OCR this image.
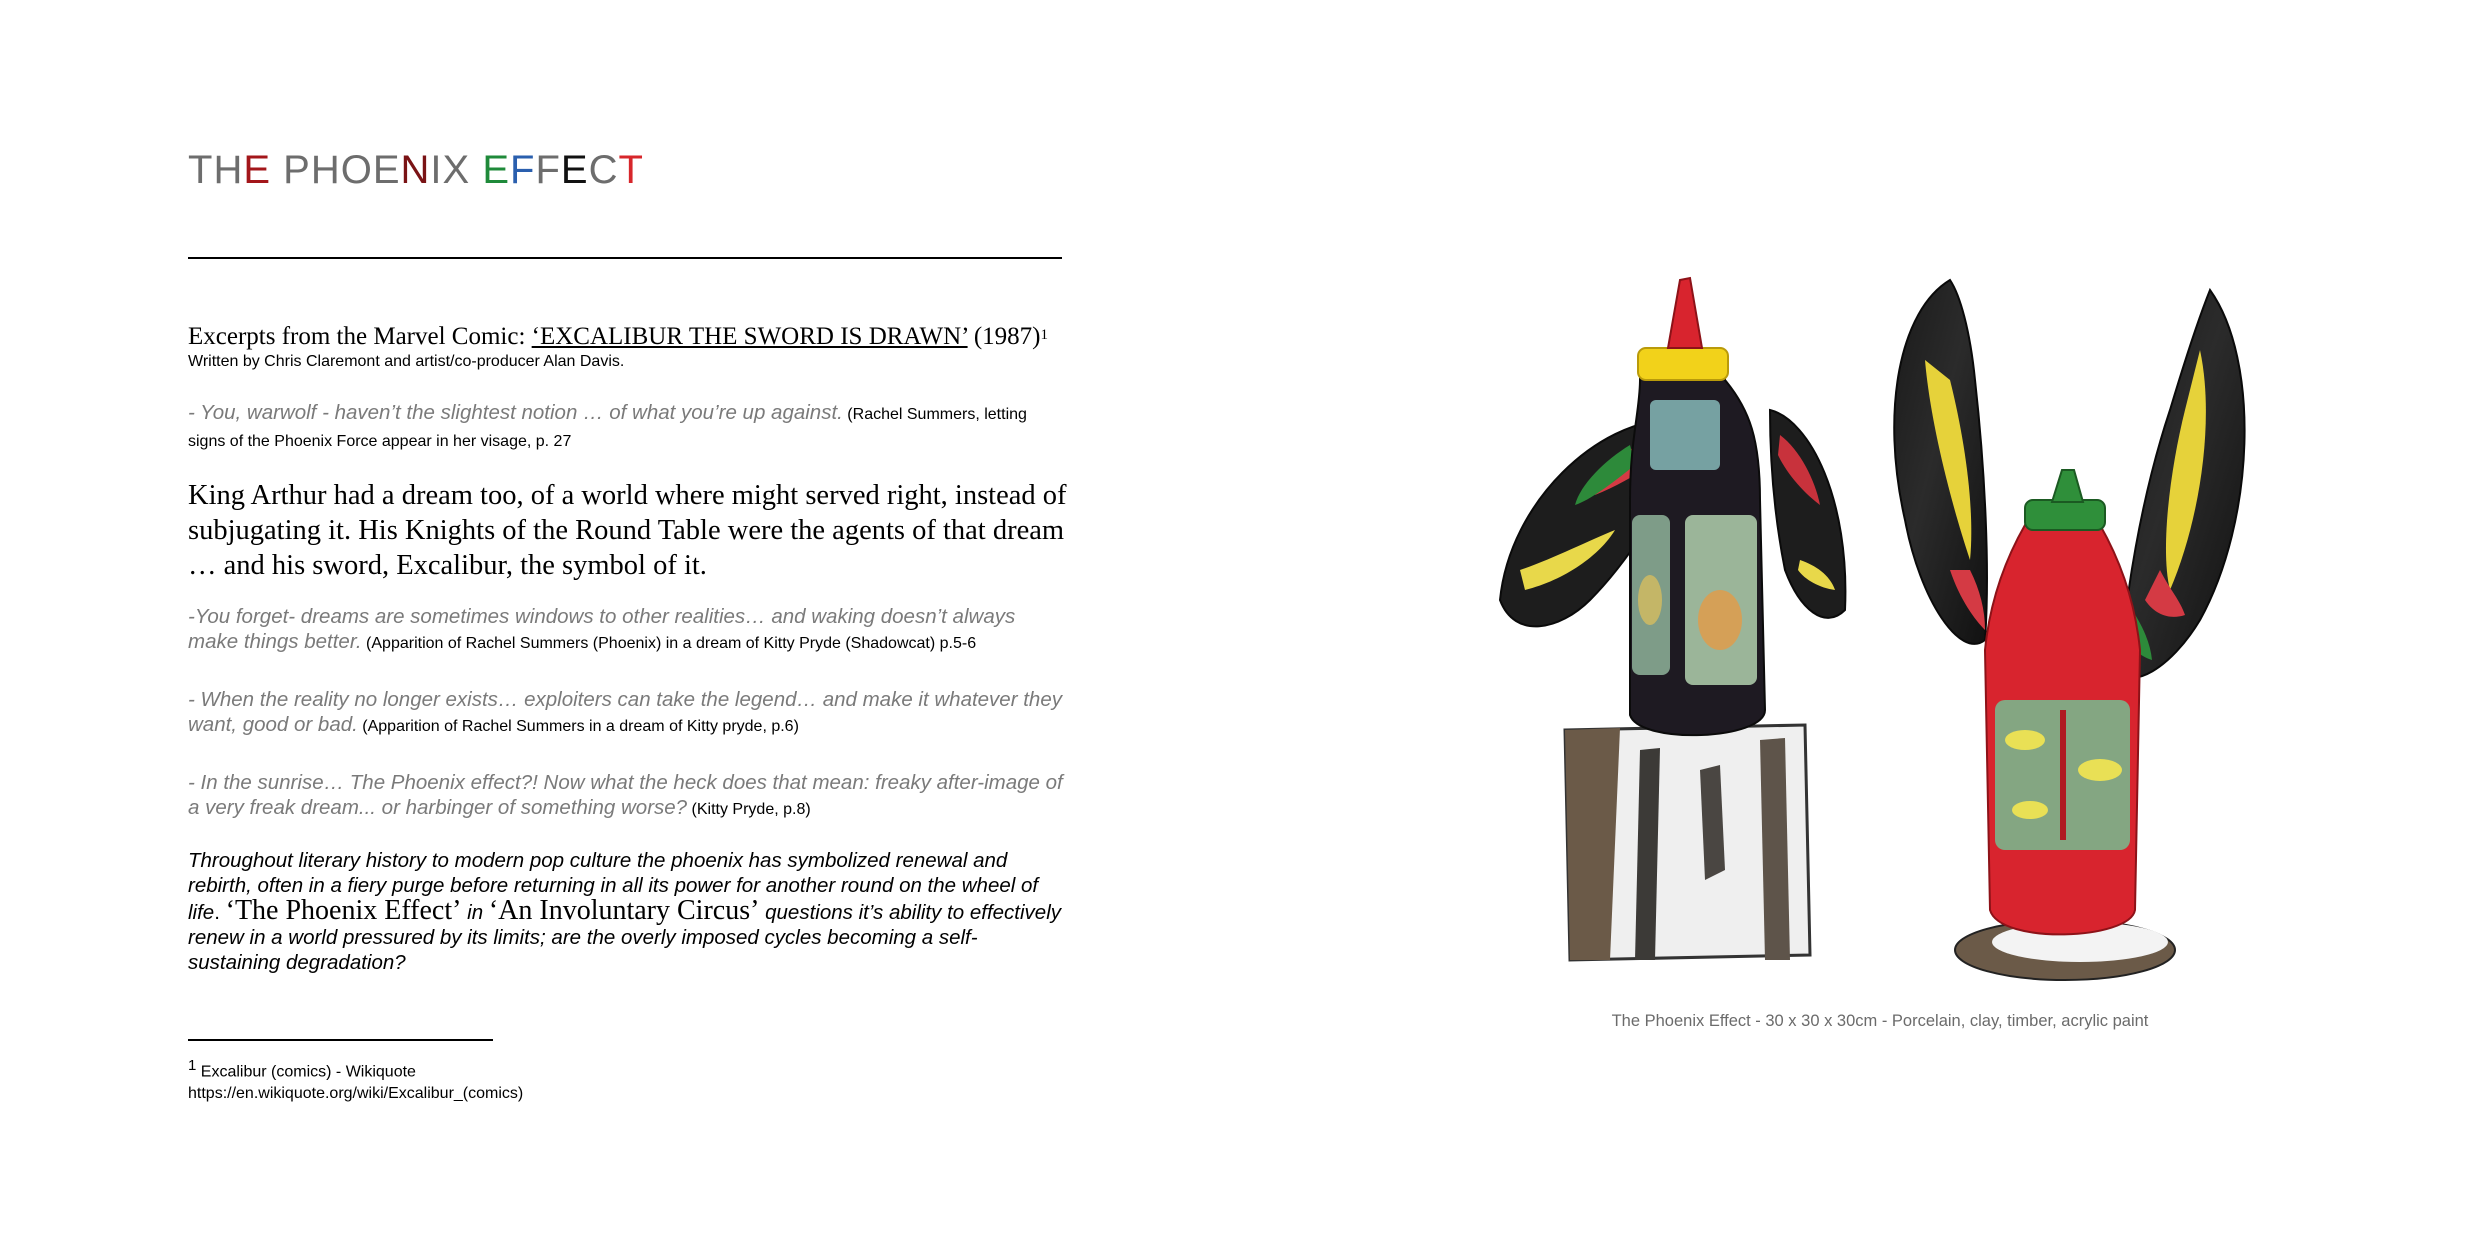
THE PHOENIX EFFECT

Excerpts from the Marvel Comic: ‘EXCALIBUR THE SWORD IS DRAWN’ $(1987)^1$

Written by Chris Claremont and artist/co-producer Alan Davis.

- You, warwolf - haven’t the slightest notion … of what you’re up against. (Rachel Summers, letting signs of the Phoenix Force appear in her visage, p. 27

King Arthur had a dream too, of a world where might served right, instead of subjugating it. His Knights of the Round Table were the agents of that dream … and his sword, Excalibur, the symbol of it.

-You forget- dreams are sometimes windows to other realities… and waking doesn’t always make things better. (Apparition of Rachel Summers (Phoenix) in a dream of Kitty Pryde (Shadowcat) p.5-6

- When the reality no longer exists… exploiters can take the legend… and make it whatever they want, good or bad. (Apparition of Rachel Summers in a dream of Kitty pryde, p.6)

- In the sunrise… The Phoenix effect?! Now what the heck does that mean: freaky after-image of a very freak dream... or harbinger of something worse? (Kitty Pryde, p.8)

Throughout literary history to modern pop culture the phoenix has symbolized renewal and rebirth, often in a fiery purge before returning in all its power for another round on the wheel of life. ‘The Phoenix Effect’ in ‘An Involuntary Circus’ questions it’s ability to effectively renew in a world pressured by its limits; are the overly imposed cycles becoming a self- sustaining degradation?

$^1$ Excalibur (comics) - Wikiquote
https://en.wikiquote.org/wiki/Excalibur_(comics)
The Phoenix Effect - 30 x 30 x 30cm - Porcelain, clay, timber, acrylic paint
